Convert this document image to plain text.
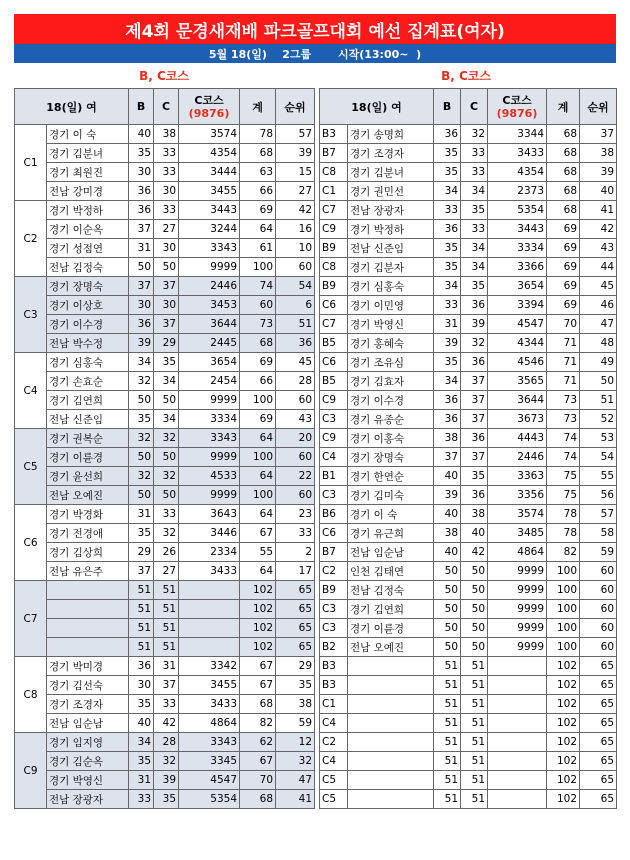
제4회 문경새재배 파크골프대회 예선 집계표(여자)
5월 18(일)    2그룹       시작(13:00~  )
B, C코스	B, C코스
18(일) 여		B	C	C코스
(9876)	계	순위
C1	경기 이 숙	40	38	3574	78	57
	경기 김분녀	35	33	4354	68	39
	경기 최원진	30	33	3444	63	15
	전남 강미경	36	30	3455	66	27
C2	경기 박정하	36	33	3443	69	42
	경기 이순옥	37	27	3244	64	16
	경기 성점연	31	30	3343	61	10
	전남 김정숙	50	50	9999	100	60
C3	경기 장명숙	37	37	2446	74	54
	경기 이상호	30	30	3453	60	6
	경기 이수경	36	37	3644	73	51
	전남 박수정	39	29	2445	68	36
C4	경기 심홍숙	34	35	3654	69	45
	경기 손효순	32	34	2454	66	28
	경기 김연희	50	50	9999	100	60
	전남 신준임	35	34	3334	69	43
C5	경기 권복순	32	32	3343	64	20
	경기 이륜경	50	50	9999	100	60
	경기 윤선희	32	32	4533	64	22
	전남 오예진	50	50	9999	100	60
C6	경기 박경화	31	33	3643	64	23
	경기 전경애	35	32	3446	67	33
	경기 김상희	29	26	2334	55	2
	전남 유은주	37	27	3433	64	17
C7		51	51		102	65
		51	51		102	65
		51	51		102	65
		51	51		102	65
C8	경기 박미경	36	31	3342	67	29
	경기 김선숙	30	37	3455	67	35
	경기 조경자	35	33	3433	68	38
	전남 임순남	40	42	4864	82	59
C9	경기 임지영	34	28	3343	62	12
	경기 김순옥	35	32	3345	67	32
	경기 박영신	31	39	4547	70	47
	전남 장광자	33	35	5354	68	41
18(일) 여		B	C	C코스
(9876)	계	순위
B3	경기 송명희	36	32	3344	68	37
B7	경기 조경자	35	33	3433	68	38
C8	경기 김분녀	35	33	4354	68	39
C1	경기 권민선	34	34	2373	68	40
C7	전남 장광자	33	35	5354	68	41
C9	경기 박정하	36	33	3443	69	42
B9	전남 신준임	35	34	3334	69	43
C8	경기 김분자	35	34	3366	69	44
B9	경기 심홍숙	34	35	3654	69	45
C6	경기 이민영	33	36	3394	69	46
C7	경기 박영신	31	39	4547	70	47
B5	경기 홍혜숙	39	32	4344	71	48
C6	경기 조유심	35	36	4546	71	49
B5	경기 김효자	34	37	3565	71	50
C9	경기 이수경	36	37	3644	73	51
C3	경기 유종순	36	37	3673	73	52
C9	경기 이홍숙	38	36	4443	74	53
C4	경기 장명숙	37	37	2446	74	54
B1	경기 한연순	40	35	3363	75	55
C3	경기 김미숙	39	36	3356	75	56
B6	경기 이 숙	40	38	3574	78	57
C6	경기 유근희	38	40	3485	78	58
B7	전남 임순남	40	42	4864	82	59
C2	인천 김태연	50	50	9999	100	60
B9	전남 김정숙	50	50	9999	100	60
C3	경기 김연희	50	50	9999	100	60
C3	경기 이륜경	50	50	9999	100	60
B2	전남 오예진	50	50	9999	100	60
B3		51	51		102	65
B3		51	51		102	65
C1		51	51		102	65
C4		51	51		102	65
C2		51	51		102	65
C4		51	51		102	65
C5		51	51		102	65
C5		51	51		102	65
